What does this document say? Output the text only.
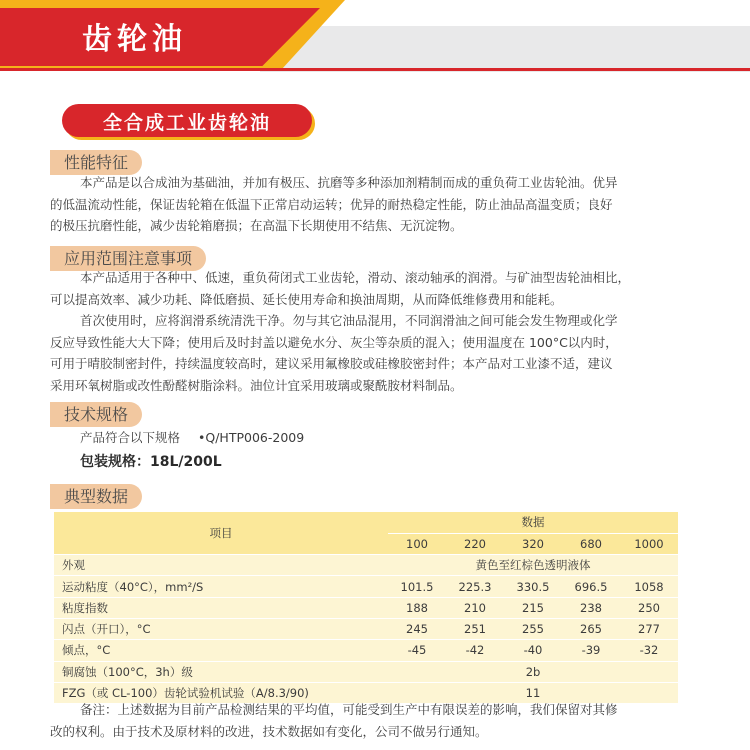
齿轮油
全合成工业齿轮油
性能特征
本产品是以合成油为基础油，并加有极压、抗磨等多种添加剂精制而成的重负荷工业齿轮油。优异
的低温流动性能，保证齿轮箱在低温下正常启动运转；优异的耐热稳定性能，防止油品高温变质；良好
的极压抗磨性能，减少齿轮箱磨损；在高温下长期使用不结焦、无沉淀物。
应用范围注意事项
本产品适用于各种中、低速，重负荷闭式工业齿轮，滑动、滚动轴承的润滑。与矿油型齿轮油相比，
可以提高效率、减少功耗、降低磨损、延长使用寿命和换油周期，从而降低维修费用和能耗。
首次使用时，应将润滑系统清洗干净。勿与其它油品混用，不同润滑油之间可能会发生物理或化学
反应导致性能大大下降；使用后及时封盖以避免水分、灰尘等杂质的混入；使用温度在 100°C以内时，
可用于晴胶制密封件，持续温度较高时，建议采用氟橡胶或硅橡胶密封件；本产品对工业漆不适，建议
采用环氧树脂或改性酚醛树脂涂料。油位计宜采用玻璃或聚酰胺材料制品。
技术规格
产品符合以下规格 •Q/HTP006-2009
包装规格：18L/200L
典型数据
项目	数据				
	100	220	320	680	1000
外观	黄色至红棕色透明液体				
运动粘度（40°C），mm²/S	101.5	225.3	330.5	696.5	1058
粘度指数	188	210	215	238	250
闪点（开口），°C	245	251	255	265	277
倾点，°C	-45	-42	-40	-39	-32
铜腐蚀（100°C，3h）级	2b				
FZG（或 CL-100）齿轮试验机试验（A/8.3/90)	11				
备注：上述数据为目前产品检测结果的平均值，可能受到生产中有限误差的影响，我们保留对其修
改的权利。由于技术及原材料的改进，技术数据如有变化，公司不做另行通知。
